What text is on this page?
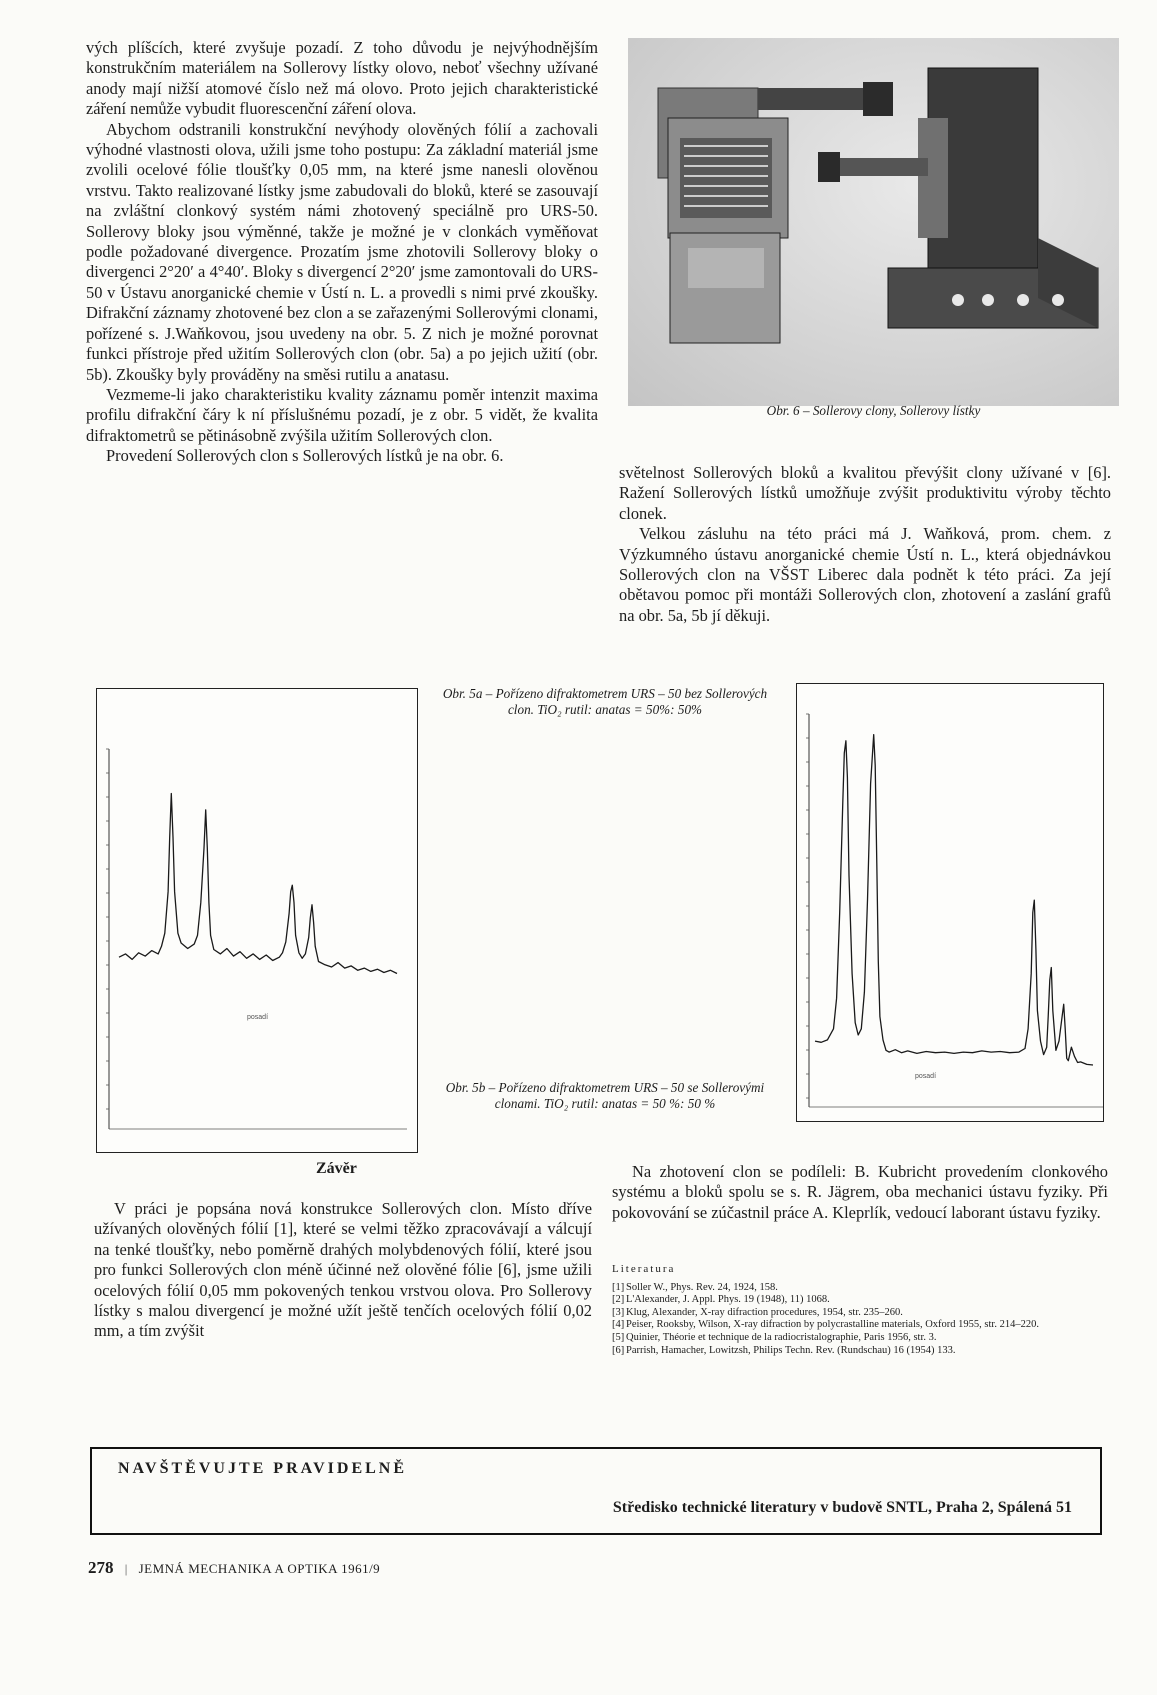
vých plíšcích, které zvyšuje pozadí. Z toho důvodu je nejvýhodnějším konstrukčním materiálem na Sollerovy lístky olovo, neboť všechny užívané anody mají nižší atomové číslo než má olovo. Proto jejich charakteristické záření nemůže vybudit fluorescenční záření olova.

Abychom odstranili konstrukční nevýhody olověných fólií a zachovali výhodné vlastnosti olova, užili jsme toho postupu: Za základní materiál jsme zvolili ocelové fólie tloušťky 0,05 mm, na které jsme nanesli olověnou vrstvu. Takto realizované lístky jsme zabudovali do bloků, které se zasouvají na zvláštní clonkový systém námi zhotovený speciálně pro URS-50. Sollerovy bloky jsou výměnné, takže je možné je v clonkách vyměňovat podle požadované divergence. Prozatím jsme zhotovili Sollerovy bloky o divergenci 2°20′ a 4°40′. Bloky s divergencí 2°20′ jsme zamontovali do URS-50 v Ústavu anorganické chemie v Ústí n. L. a provedli s nimi prvé zkoušky. Difrakční záznamy zhotovené bez clon a se zařazenými Sollerovými clonami, pořízené s. J.Waňkovou, jsou uvedeny na obr. 5. Z nich je možné porovnat funkci přístroje před užitím Sollerových clon (obr. 5a) a po jejich užití (obr. 5b). Zkoušky byly prováděny na směsi rutilu a anatasu.

Vezmeme-li jako charakteristiku kvality záznamu poměr intenzit maxima profilu difrakční čáry k ní příslušnému pozadí, je z obr. 5 vidět, že kvalita difraktometrů se pětinásobně zvýšila užitím Sollerových clon.

Provedení Sollerových clon s Sollerových lístků je na obr. 6.

Obr. 6 – Sollerovy clony, Sollerovy lístky

světelnost Sollerových bloků a kvalitou převýšit clony užívané v [6]. Ražení Sollerových lístků umožňuje zvýšit produktivitu výroby těchto clonek.

Velkou zásluhu na této práci má J. Waňková, prom. chem. z Výzkumného ústavu anorganické chemie Ústí n. L., která objednávkou Sollerových clon na VŠST Liberec dala podnět k této práci. Za její obětavou pomoc při montáži Sollerových clon, zhotovení a zaslání grafů na obr. 5a, 5b jí děkuji.

posadí
Obr. 5a – Pořízeno difraktometrem URS – 50 bez Sollerových clon. TiO₂ rutil: anatas = 50%: 50%
Obr. 5b – Pořízeno difraktometrem URS – 50 se Sollerovými clonami. TiO₂ rutil: anatas = 50 %: 50 %
posadí
Závěr

V práci je popsána nová konstrukce Sollerových clon. Místo dříve užívaných olověných fólií [1], které se velmi těžko zpracovávají a válcují na tenké tloušťky, nebo poměrně drahých molybdenových fólií, které jsou pro funkci Sollerových clon méně účinné než olověné fólie [6], jsme užili ocelových fólií 0,05 mm pokovených tenkou vrstvou olova. Pro Sollerovy lístky s malou divergencí je možné užít ještě tenčích ocelových fólií 0,02 mm, a tím zvýšit

Na zhotovení clon se podíleli: B. Kubricht provedením clonkového systému a bloků spolu se s. R. Jägrem, oba mechanici ústavu fyziky. Při pokovování se zúčastnil práce A. Kleprlík, vedoucí laborant ústavu fyziky.

Literatura
[1] Soller W., Phys. Rev. 24, 1924, 158.
[2] L'Alexander, J. Appl. Phys. 19 (1948), 11) 1068.
[3] Klug, Alexander, X-ray difraction procedures, 1954, str. 235–260.
[4] Peiser, Rooksby, Wilson, X-ray difraction by polycrastalline materials, Oxford 1955, str. 214–220.
[5] Quinier, Théorie et technique de la radiocristalographie, Paris 1956, str. 3.
[6] Parrish, Hamacher, Lowitzsh, Philips Techn. Rev. (Rundschau) 16 (1954) 133.
NAVŠTĚVUJTE PRAVIDELNĚ
Středisko technické literatury v budově SNTL, Praha 2, Spálená 51
278 | JEMNÁ MECHANIKA A OPTIKA 1961/9
